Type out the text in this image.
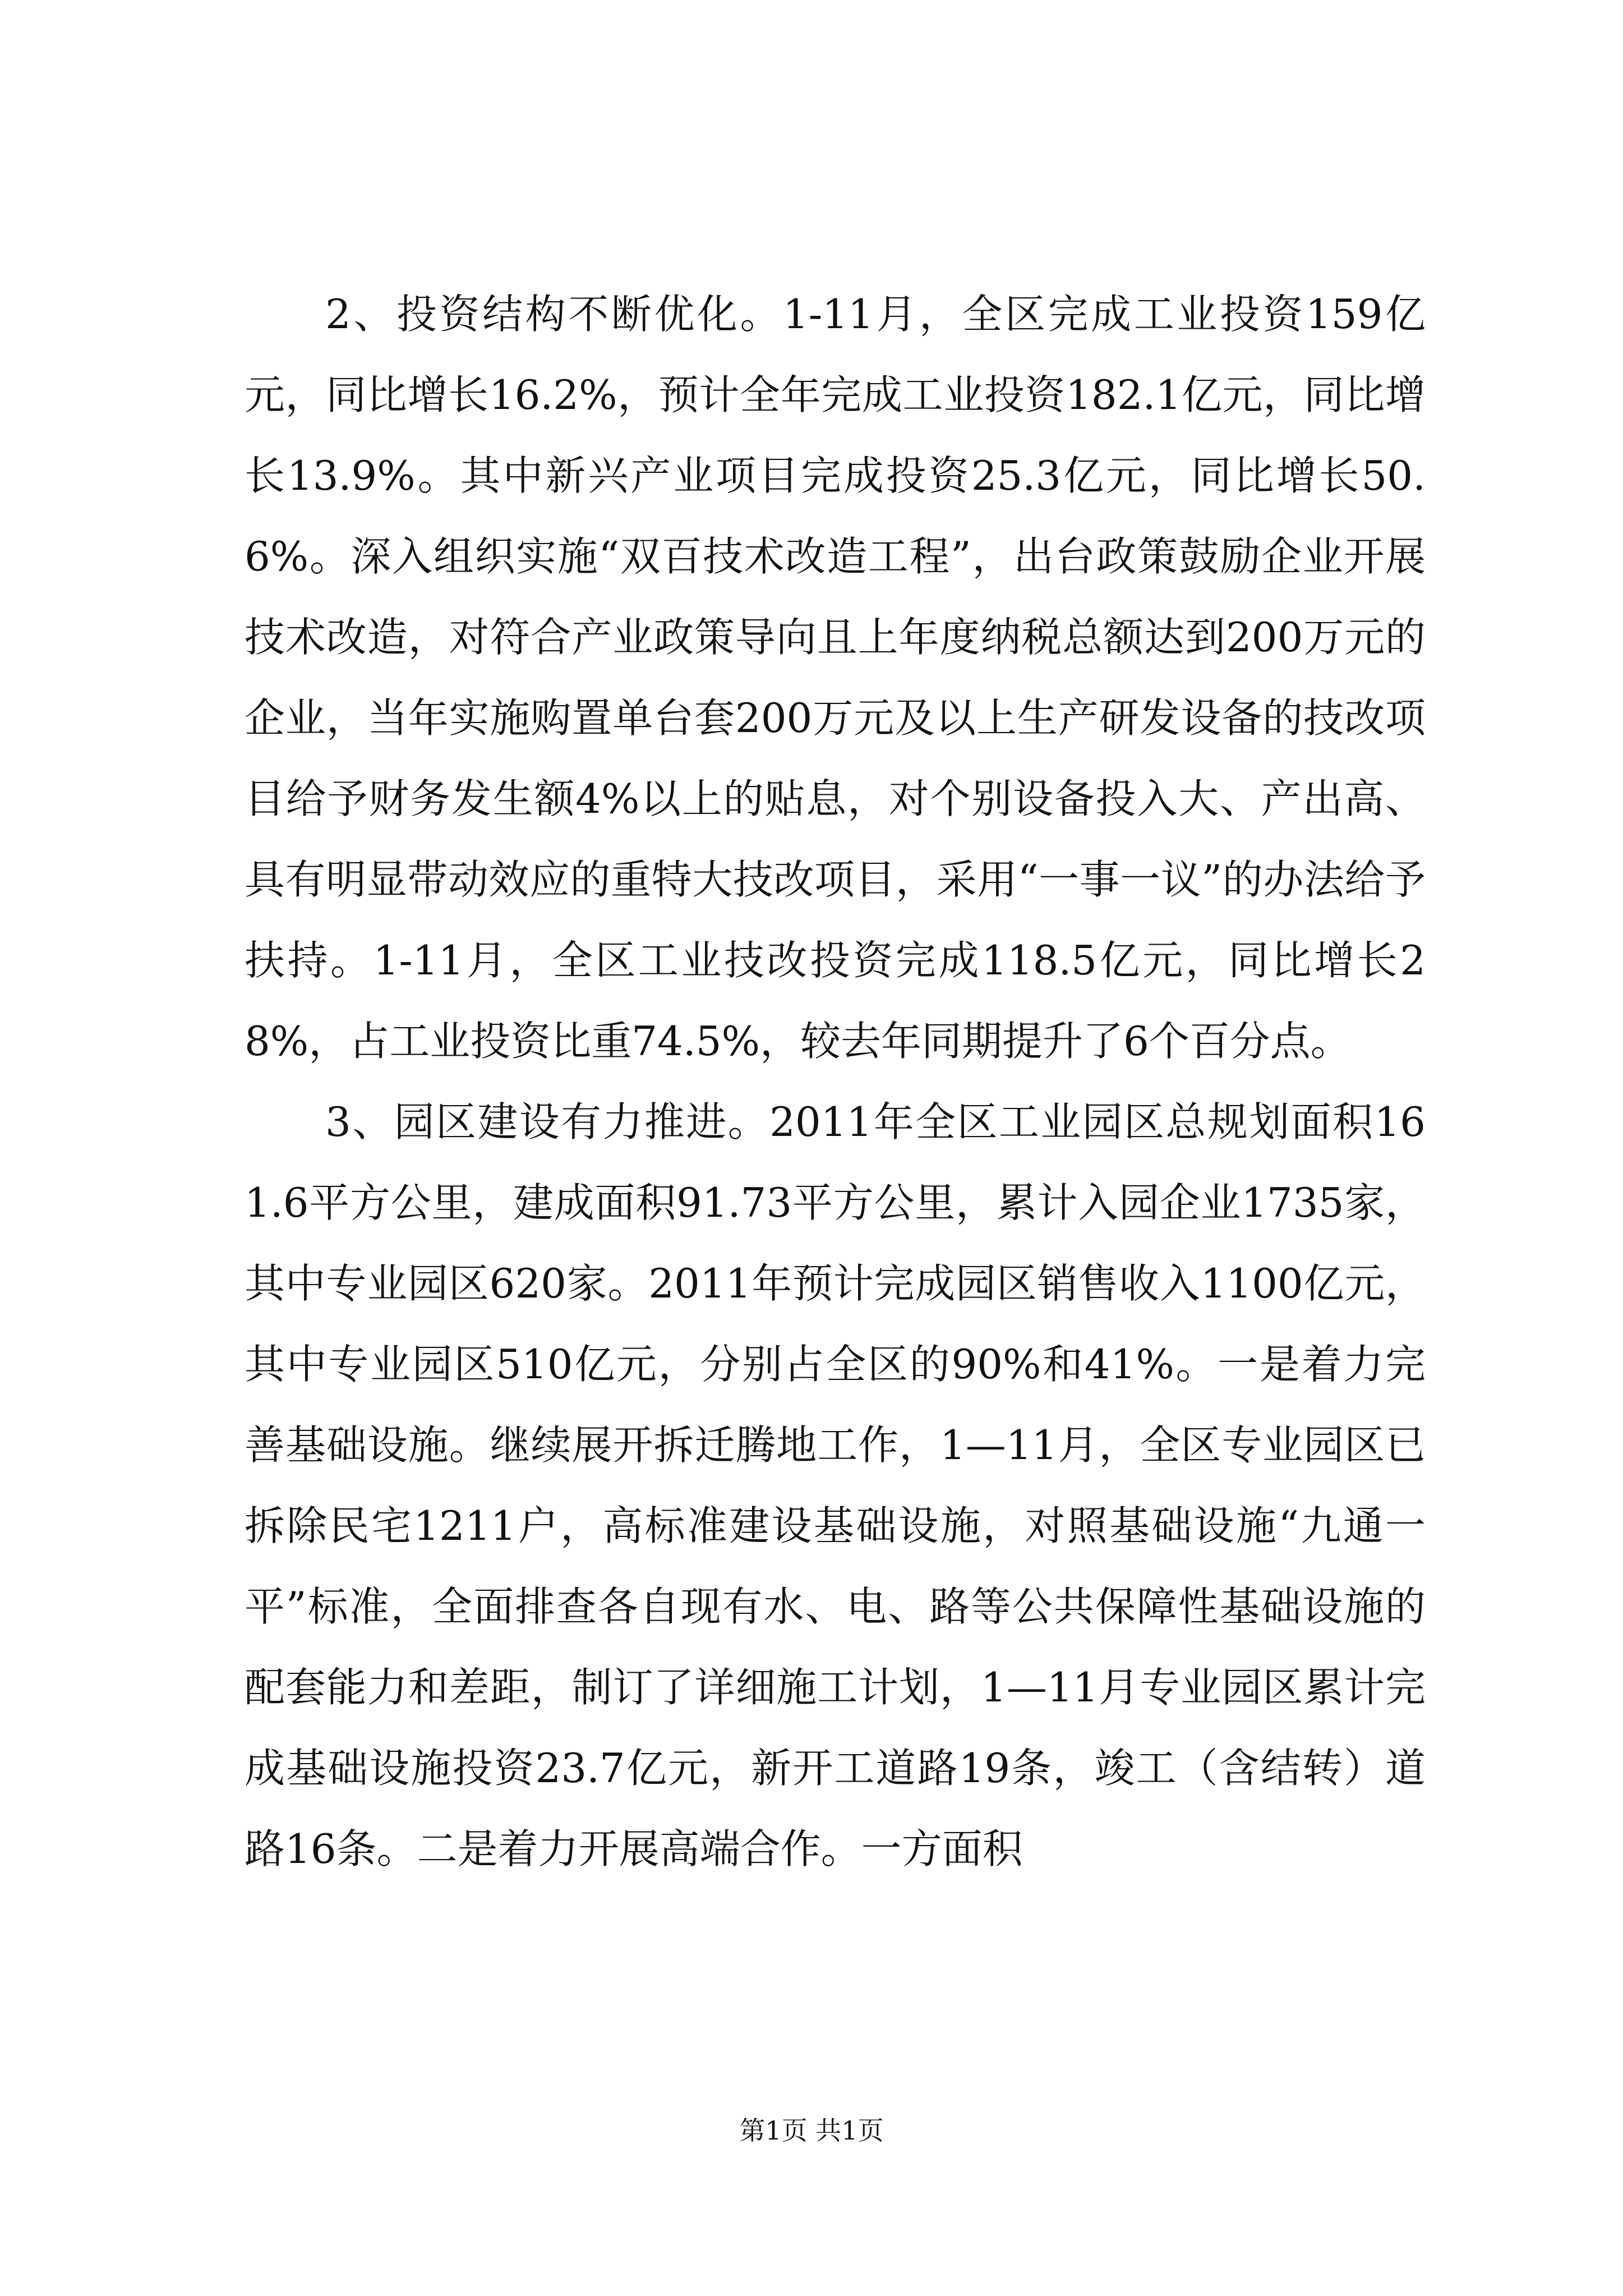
2、投资结构不断优化。1-11月，全区完成工业投资159亿元，同比增长16.2%，预计全年完成工业投资182.1亿元，同比增长13.9%。其中新兴产业项目完成投资25.3亿元，同比增长50.6%。深入组织实施“双百技术改造工程”，出台政策鼓励企业开展技术改造，对符合产业政策导向且上年度纳税总额达到200万元的企业，当年实施购置单台套200万元及以上生产研发设备的技改项目给予财务发生额4%以上的贴息，对个别设备投入大、产出高、具有明显带动效应的重特大技改项目，采用“一事一议”的办法给予扶持。1-11月，全区工业技改投资完成118.5亿元，同比增长28%，占工业投资比重74.5%，较去年同期提升了6个百分点。

3、园区建设有力推进。2011年全区工业园区总规划面积161.6平方公里，建成面积91.73平方公里，累计入园企业1735家，其中专业园区620家。2011年预计完成园区销售收入1100亿元，其中专业园区510亿元，分别占全区的90%和41%。一是着力完善基础设施。继续展开拆迁腾地工作，1—11月，全区专业园区已拆除民宅1211户，高标准建设基础设施，对照基础设施“九通一平”标准，全面排查各自现有水、电、路等公共保障性基础设施的配套能力和差距，制订了详细施工计划，1—11月专业园区累计完成基础设施投资23.7亿元，新开工道路19条，竣工（含结转）道路16条。二是着力开展高端合作。一方面积

第1页 共1页
